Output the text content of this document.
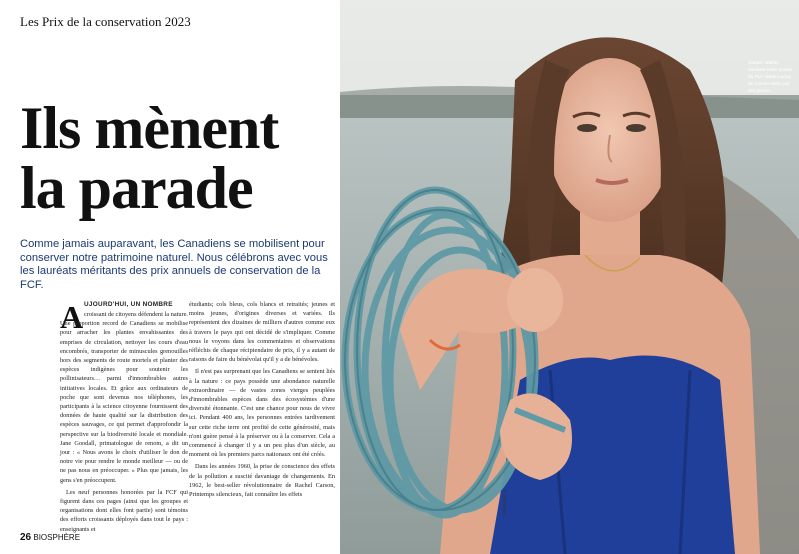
Les Prix de la conservation 2023
Ils mènent
la parade
Comme jamais auparavant, les Canadiens se mobilisent pour conserver notre patrimoine naturel. Nous célébrons avec vous les lauréats méritants des prix annuels de conservation de la FCF.
A UJOURD'HUI, UN NOMBRE

croissant de citoyens défendent la nature. Une proportion record de Canadiens se mobilise pour arracher les plantes envahissantes des emprises de circulation, nettoyer les cours d'eau encombrés, transporter de minuscules grenouilles hors des segments de route mortels et planter des espèces indigènes pour soutenir les pollinisateurs… parmi d'innombrables autres initiatives locales. Et grâce aux ordinateurs de poche que sont devenus nos téléphones, les participants à la science citoyenne fournissent des données de haute qualité sur la distribution des espèces sauvages, ce qui permet d'approfondir la perspective sur la biodiversité locale et mondiale. Jane Goodall, primatologue de renom, a dit un jour : « Nous avons le choix d'utiliser le don de notre vie pour rendre le monde meilleur — ou de ne pas nous en préoccuper. » Plus que jamais, les gens s'en préoccupent.

Les neuf personnes honorées par la FCF qui figurent dans ces pages (ainsi que les groupes et organisations dont elles font partie) sont témoins des efforts croissants déployés dans tout le pays : enseignants et

étudiants; cols bleus, cols blancs et retraités; jeunes et moins jeunes, d'origines diverses et variées. Ils représentent des dizaines de milliers d'autres comme eux à travers le pays qui ont décidé de s'impliquer. Comme nous le voyons dans les commentaires et observations réfléchis de chaque récipiendaire de prix, il y a autant de raisons de faire du bénévolat qu'il y a de bénévoles.

Il n'est pas surprenant que les Canadiens se sentent liés à la nature : ce pays possède une abondance naturelle extraordinaire — de vastes zones vierges peuplées d'innombrables espèces dans des écosystèmes d'une diversité étonnante. C'est une chance pour nous de vivre ici. Pendant 400 ans, les personnes entrées tardivement sur cette riche terre ont profité de cette générosité, mais n'ont guère pensé à la préserver ou à la conserver. Cela a commencé à changer il y a un peu plus d'un siècle, au moment où les premiers parcs nationaux ont été créés.

Dans les années 1960, la prise de conscience des effets de la pollution a suscité davantage de changements. En 1962, le best-seller révolutionnaire de Rachel Carson, Printemps silencieux, fait connaître les effets

26 BIOSPHÈRE
Natalie Walsh, lauréate cette année du Prix Wade Lacey de conservation par des jeunes
BRANDOCK
